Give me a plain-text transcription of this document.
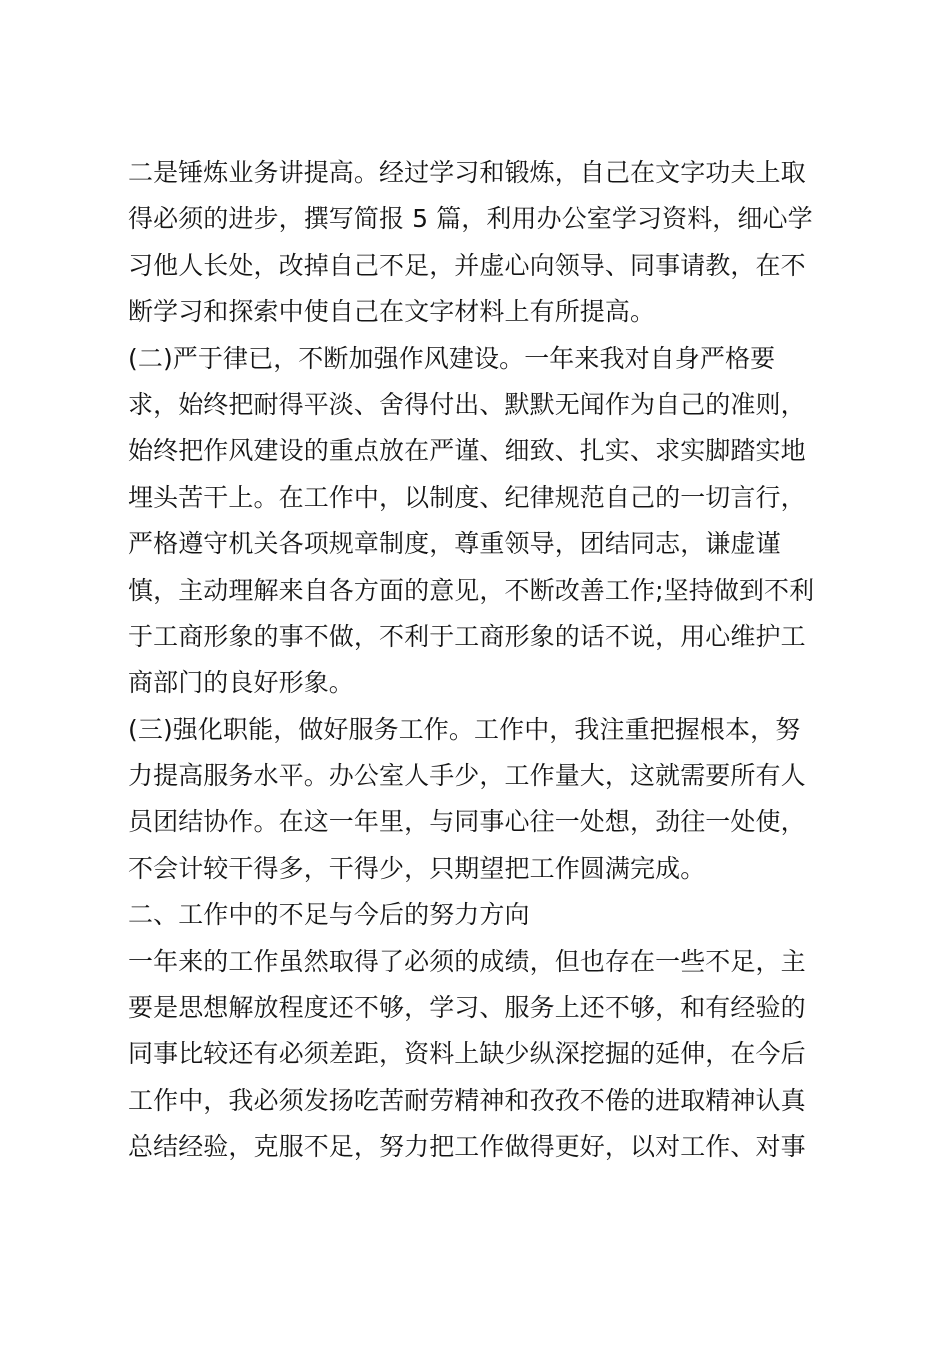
二是锤炼业务讲提高。经过学习和锻炼，自己在文字功夫上取
得必须的进步，撰写简报 5 篇，利用办公室学习资料，细心学
习他人长处，改掉自己不足，并虚心向领导、同事请教，在不
断学习和探索中使自己在文字材料上有所提高。
(二)严于律已，不断加强作风建设。一年来我对自身严格要
求，始终把耐得平淡、舍得付出、默默无闻作为自己的准则，
始终把作风建设的重点放在严谨、细致、扎实、求实脚踏实地
埋头苦干上。在工作中，以制度、纪律规范自己的一切言行，
严格遵守机关各项规章制度，尊重领导，团结同志，谦虚谨
慎，主动理解来自各方面的意见，不断改善工作;坚持做到不利
于工商形象的事不做，不利于工商形象的话不说，用心维护工
商部门的良好形象。
(三)强化职能，做好服务工作。工作中，我注重把握根本，努
力提高服务水平。办公室人手少，工作量大，这就需要所有人
员团结协作。在这一年里，与同事心往一处想，劲往一处使，
不会计较干得多，干得少，只期望把工作圆满完成。
二、工作中的不足与今后的努力方向
一年来的工作虽然取得了必须的成绩，但也存在一些不足，主
要是思想解放程度还不够，学习、服务上还不够，和有经验的
同事比较还有必须差距，资料上缺少纵深挖掘的延伸，在今后
工作中，我必须发扬吃苦耐劳精神和孜孜不倦的进取精神认真
总结经验，克服不足，努力把工作做得更好，以对工作、对事
